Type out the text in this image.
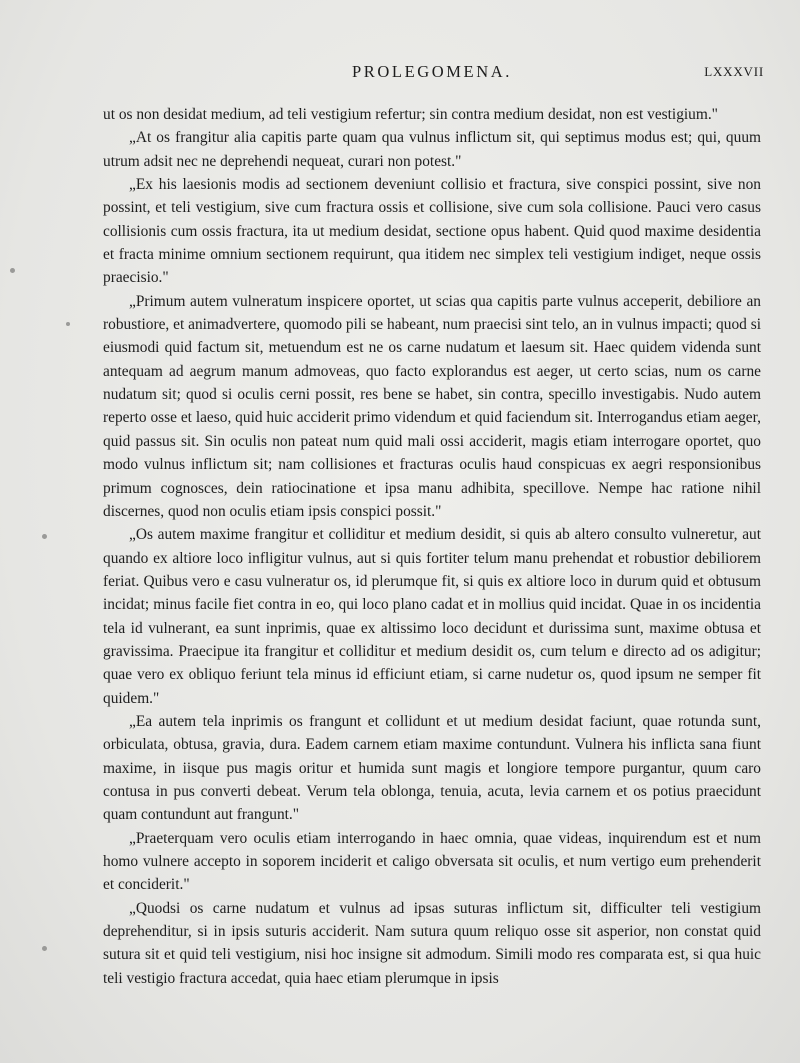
PROLEGOMENA.	LXXXVII

ut os non desidat medium, ad teli vestigium refertur; sin contra medium desidat, non est vestigium."

„At os frangitur alia capitis parte quam qua vulnus inflictum sit, qui septimus modus est; qui, quum utrum adsit nec ne deprehendi nequeat, curari non potest."

„Ex his laesionis modis ad sectionem deveniunt collisio et fractura, sive conspici possint, sive non possint, et teli vestigium, sive cum fractura ossis et collisione, sive cum sola collisione. Pauci vero casus collisionis cum ossis fractura, ita ut medium desidat, sectione opus habent. Quid quod maxime desidentia et fracta minime omnium sectionem requirunt, qua itidem nec simplex teli vestigium indiget, neque ossis praecisio."

„Primum autem vulneratum inspicere oportet, ut scias qua capitis parte vulnus acceperit, debiliore an robustiore, et animadvertere, quomodo pili se habeant, num praecisi sint telo, an in vulnus impacti; quod si eiusmodi quid factum sit, metuendum est ne os carne nudatum et laesum sit. Haec quidem videnda sunt antequam ad aegrum manum admoveas, quo facto explorandus est aeger, ut certo scias, num os carne nudatum sit; quod si oculis cerni possit, res bene se habet, sin contra, specillo investigabis. Nudo autem reperto osse et laeso, quid huic acciderit primo videndum et quid faciendum sit. Interrogandus etiam aeger, quid passus sit. Sin oculis non pateat num quid mali ossi acciderit, magis etiam interrogare oportet, quo modo vulnus inflictum sit; nam collisiones et fracturas oculis haud conspicuas ex aegri responsionibus primum cognosces, dein ratiocinatione et ipsa manu adhibita, specillove. Nempe hac ratione nihil discernes, quod non oculis etiam ipsis conspici possit."

„Os autem maxime frangitur et colliditur et medium desidit, si quis ab altero consulto vulneretur, aut quando ex altiore loco infligitur vulnus, aut si quis fortiter telum manu prehendat et robustior debiliorem feriat. Quibus vero e casu vulneratur os, id plerumque fit, si quis ex altiore loco in durum quid et obtusum incidat; minus facile fiet contra in eo, qui loco plano cadat et in mollius quid incidat. Quae in os incidentia tela id vulnerant, ea sunt inprimis, quae ex altissimo loco decidunt et durissima sunt, maxime obtusa et gravissima. Praecipue ita frangitur et colliditur et medium desidit os, cum telum e directo ad os adigitur; quae vero ex obliquo feriunt tela minus id efficiunt etiam, si carne nudetur os, quod ipsum ne semper fit quidem."

„Ea autem tela inprimis os frangunt et collidunt et ut medium desidat faciunt, quae rotunda sunt, orbiculata, obtusa, gravia, dura. Eadem carnem etiam maxime contundunt. Vulnera his inflicta sana fiunt maxime, in iisque pus magis oritur et humida sunt magis et longiore tempore purgantur, quum caro contusa in pus converti debeat. Verum tela oblonga, tenuia, acuta, levia carnem et os potius praecidunt quam contundunt aut frangunt."

„Praeterquam vero oculis etiam interrogando in haec omnia, quae videas, inquirendum est et num homo vulnere accepto in soporem inciderit et caligo obversata sit oculis, et num vertigo eum prehenderit et conciderit."

„Quodsi os carne nudatum et vulnus ad ipsas suturas inflictum sit, difficulter teli vestigium deprehenditur, si in ipsis suturis acciderit. Nam sutura quum reliquo osse sit asperior, non constat quid sutura sit et quid teli vestigium, nisi hoc insigne sit admodum. Simili modo res comparata est, si qua huic teli vestigio fractura accedat, quia haec etiam plerumque in ipsis
